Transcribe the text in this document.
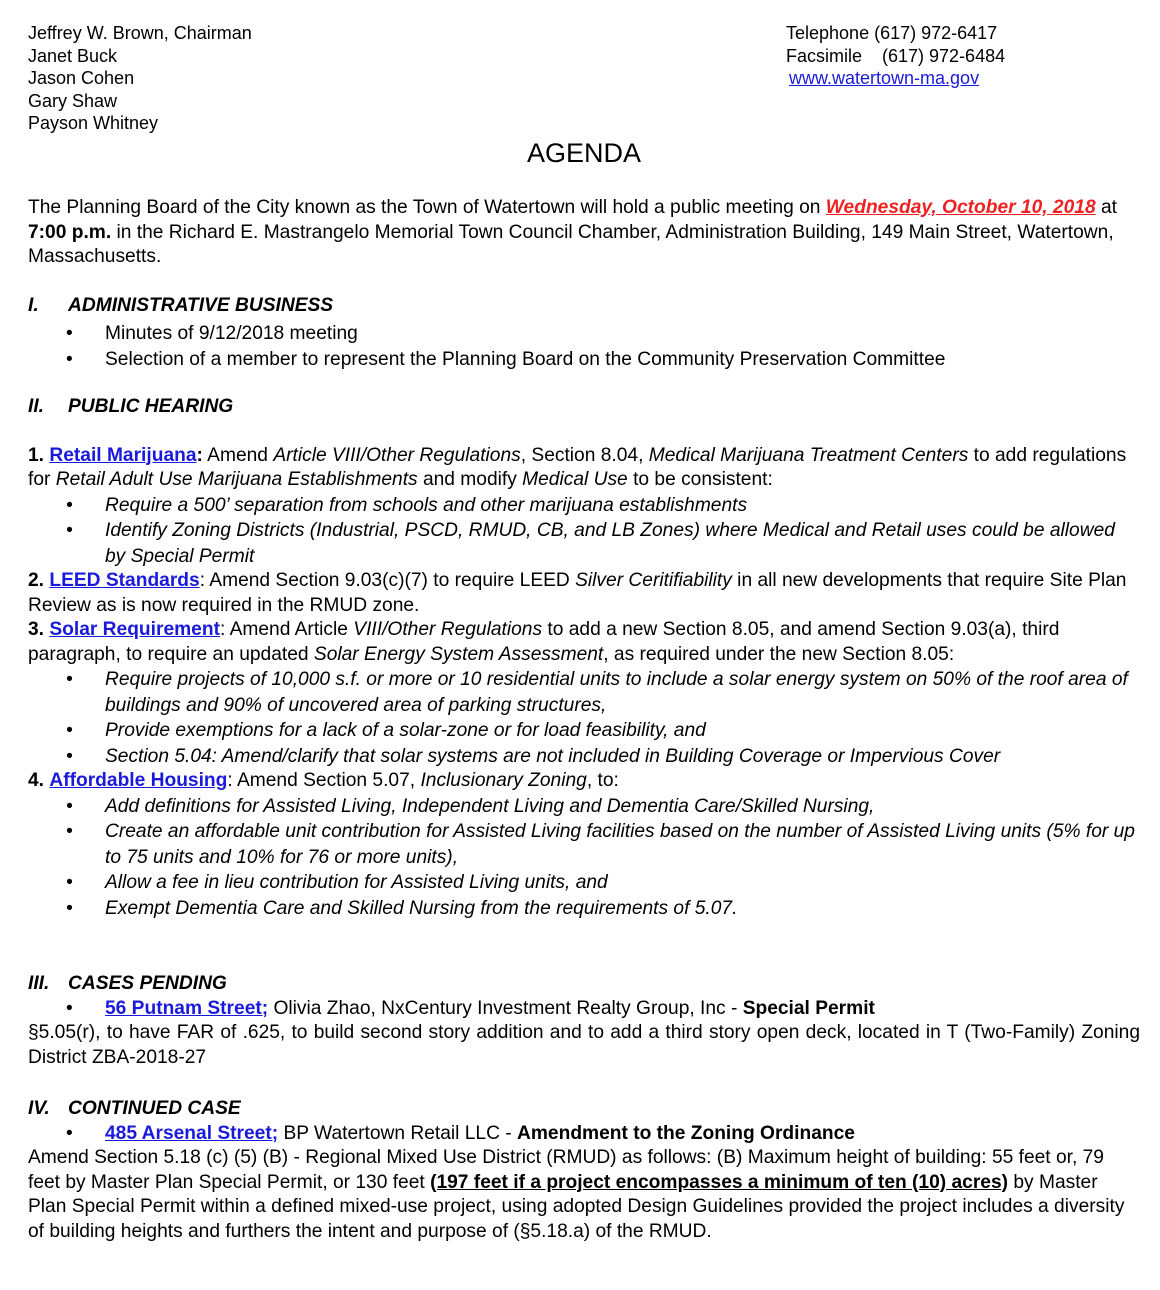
Jeffrey W. Brown, Chairman
Janet Buck
Jason Cohen
Gary Shaw
Payson Whitney
Telephone (617) 972-6417
Facsimile    (617) 972-6484
www.watertown-ma.gov
AGENDA
The Planning Board of the City known as the Town of Watertown will hold a public meeting on Wednesday, October 10, 2018 at 7:00 p.m. in the Richard E. Mastrangelo Memorial Town Council Chamber, Administration Building, 149 Main Street, Watertown, Massachusetts.
I. ADMINISTRATIVE BUSINESS
• Minutes of 9/12/2018 meeting
• Selection of a member to represent the Planning Board on the Community Preservation Committee
II. PUBLIC HEARING
1. Retail Marijuana: Amend Article VIII/Other Regulations, Section 8.04, Medical Marijuana Treatment Centers to add regulations for Retail Adult Use Marijuana Establishments and modify Medical Use to be consistent:
• Require a 500’ separation from schools and other marijuana establishments
• Identify Zoning Districts (Industrial, PSCD, RMUD, CB, and LB Zones) where Medical and Retail uses could be allowed by Special Permit
2. LEED Standards: Amend Section 9.03(c)(7) to require LEED Silver Ceritifiability in all new developments that require Site Plan Review as is now required in the RMUD zone.
3. Solar Requirement: Amend Article VIII/Other Regulations to add a new Section 8.05, and amend Section 9.03(a), third paragraph, to require an updated Solar Energy System Assessment, as required under the new Section 8.05:
• Require projects of 10,000 s.f. or more or 10 residential units to include a solar energy system on 50% of the roof area of buildings and 90% of uncovered area of parking structures,
• Provide exemptions for a lack of a solar-zone or for load feasibility, and
• Section 5.04: Amend/clarify that solar systems are not included in Building Coverage or Impervious Cover
4. Affordable Housing: Amend Section 5.07, Inclusionary Zoning, to:
• Add definitions for Assisted Living, Independent Living and Dementia Care/Skilled Nursing,
• Create an affordable unit contribution for Assisted Living facilities based on the number of Assisted Living units (5% for up to 75 units and 10% for 76 or more units),
• Allow a fee in lieu contribution for Assisted Living units, and
• Exempt Dementia Care and Skilled Nursing from the requirements of 5.07.
III. CASES PENDING
• 56 Putnam Street; Olivia Zhao, NxCentury Investment Realty Group, Inc - Special Permit
§5.05(r), to have FAR of .625, to build second story addition and to add a third story open deck, located in T (Two-Family) Zoning District ZBA-2018-27
IV. CONTINUED CASE
• 485 Arsenal Street; BP Watertown Retail LLC - Amendment to the Zoning Ordinance
Amend Section 5.18 (c) (5) (B) - Regional Mixed Use District (RMUD) as follows: (B) Maximum height of building: 55 feet or, 79 feet by Master Plan Special Permit, or 130 feet (197 feet if a project encompasses a minimum of ten (10) acres) by Master Plan Special Permit within a defined mixed-use project, using adopted Design Guidelines provided the project includes a diversity of building heights and furthers the intent and purpose of (§5.18.a) of the RMUD.
